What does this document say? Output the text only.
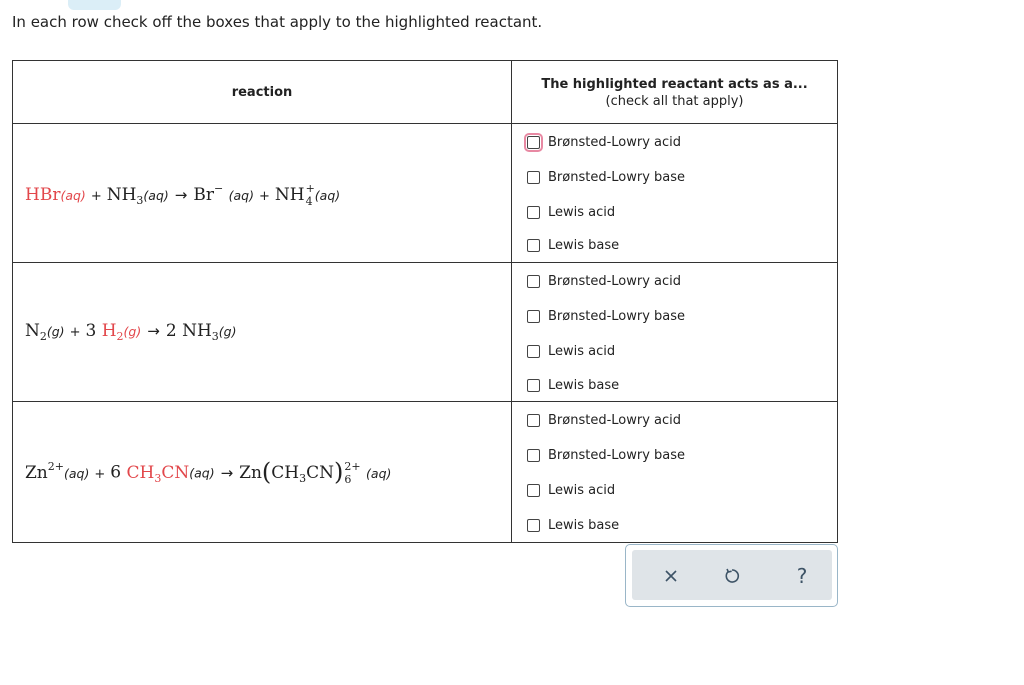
In each row check off the boxes that apply to the highlighted reactant.
reaction
The highlighted reactant acts as a...
(check all that apply)
$HBr(aq) + NH_3(aq) \to Br^-$ (aq) + NH +
4 (aq)
$N_2(g) + 3$ $H_2(g) \to 2$ $NH_3(g)$
$Zn^{2+}(aq) + 6$ $CH_3CN(aq) \to Zn(CH_3CN)$ 2+
6	(aq)
Brønsted-Lowry acid
Brønsted-Lowry base
Lewis acid
Lewis base
Brønsted-Lowry acid
Brønsted-Lowry base
Lewis acid
Lewis base
Brønsted-Lowry acid
Brønsted-Lowry base
Lewis acid
Lewis base
?
